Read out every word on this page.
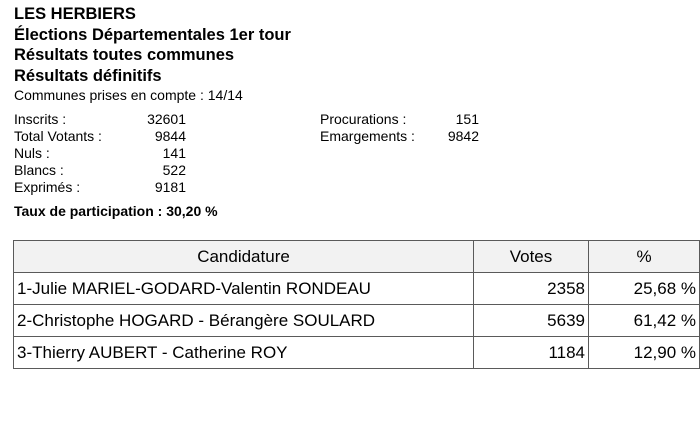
LES HERBIERS
Élections Départementales 1er tour
Résultats toutes communes
Résultats définitifs
Communes prises en compte : 14/14
Inscrits :	32601
Total Votants :	9844
Nuls :	141
Blancs :	522
Exprimés :	9181
Procurations :	151
Emargements :	9842
Taux de participation : 30,20 %
Candidature	Votes	%
1-Julie MARIEL-GODARD-Valentin RONDEAU	2358	25,68 %
2-Christophe HOGARD - Bérangère SOULARD	5639	61,42 %
3-Thierry AUBERT - Catherine ROY	1184	12,90 %
